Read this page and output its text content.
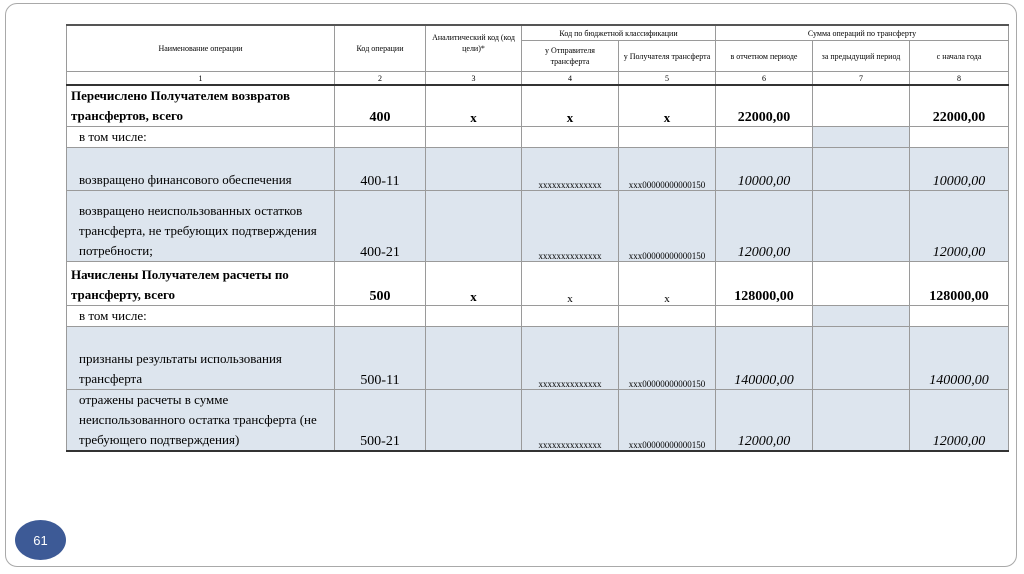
Наименование операции	Код операции	Аналитический код (код цели)*	Код по бюджетной классификации		Сумма операций по трансферту		
			у Отправителя трансферта	у Получателя трансферта	в отчетном периоде	за предыдущий период	с начала года
1	2	3	4	5	6	7	8
Перечислено Получателем возвратов трансфертов, всего	400	x	x	x	22000,00		22000,00
в том числе:							
возвращено финансового обеспечения	400-11		xxxxxxxxxxxxxx	xxx00000000000150	10000,00		10000,00
возвращено неиспользованных остатков трансферта, не требующих подтверждения потребности;	400-21		xxxxxxxxxxxxxx	xxx00000000000150	12000,00		12000,00
Начислены Получателем расчеты по трансферту, всего	500	x	x	x	128000,00		128000,00
в том числе:							
признаны результаты использования трансферта	500-11		xxxxxxxxxxxxxx	xxx00000000000150	140000,00		140000,00
отражены расчеты в сумме неиспользованного остатка трансферта (не требующего подтверждения)	500-21		xxxxxxxxxxxxxx	xxx00000000000150	12000,00		12000,00
61
